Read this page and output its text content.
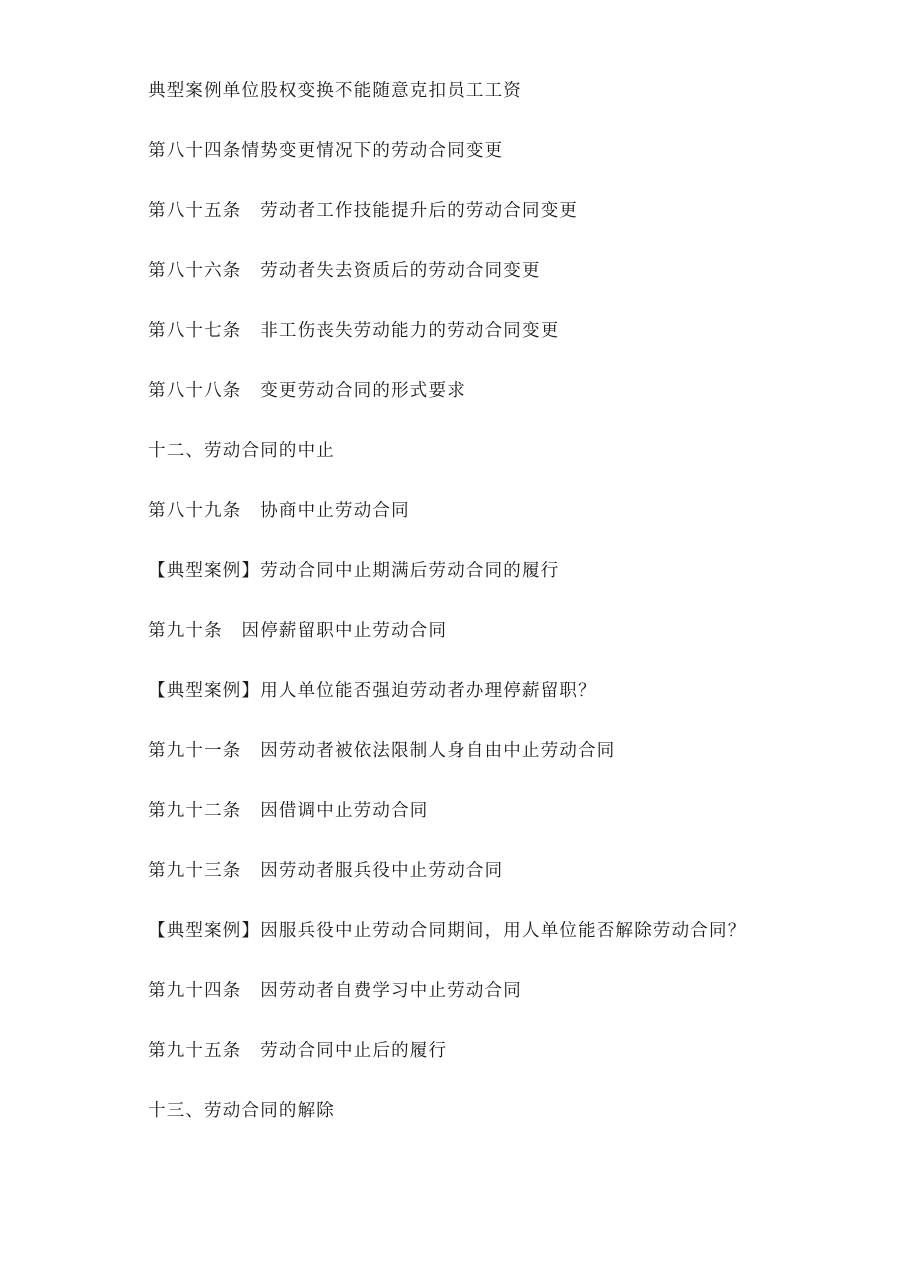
典型案例单位股权变换不能随意克扣员工工资
第八十四条情势变更情况下的劳动合同变更
第八十五条　劳动者工作技能提升后的劳动合同变更
第八十六条　劳动者失去资质后的劳动合同变更
第八十七条　非工伤丧失劳动能力的劳动合同变更
第八十八条　变更劳动合同的形式要求
十二、劳动合同的中止
第八十九条　协商中止劳动合同
【典型案例】劳动合同中止期满后劳动合同的履行
第九十条　因停薪留职中止劳动合同
【典型案例】用人单位能否强迫劳动者办理停薪留职？
第九十一条　因劳动者被依法限制人身自由中止劳动合同
第九十二条　因借调中止劳动合同
第九十三条　因劳动者服兵役中止劳动合同
【典型案例】因服兵役中止劳动合同期间，用人单位能否解除劳动合同？
第九十四条　因劳动者自费学习中止劳动合同
第九十五条　劳动合同中止后的履行
十三、劳动合同的解除
